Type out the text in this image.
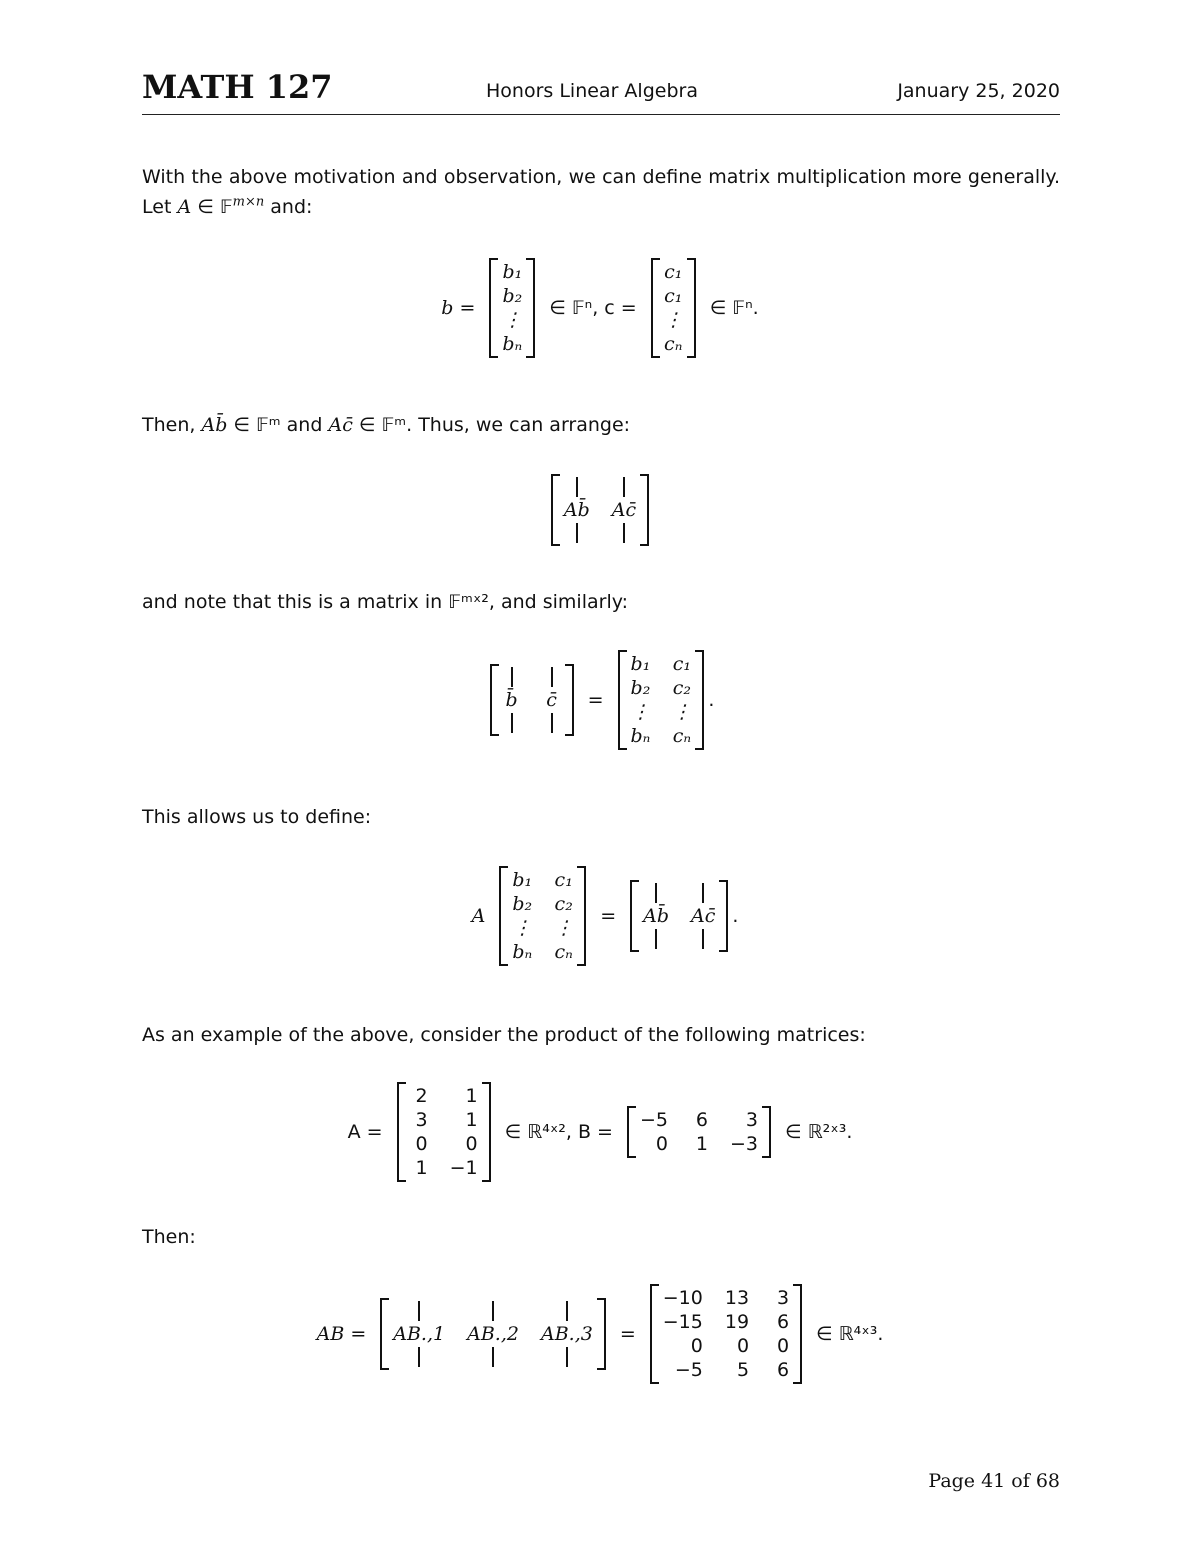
MATH 127	Honors Linear Algebra	January 25, 2020
With the above motivation and observation, we can define matrix multiplication more generally. Let A ∈ 𝔽$^{m\times n}$ and:
b =
b₁
b₂
⋮
bₙ
∈ 𝔽ⁿ, c =
c₁
c₁
⋮
cₙ
∈ 𝔽ⁿ.
Then, Ab̄ ∈ 𝔽ᵐ and Ac̄ ∈ 𝔽ᵐ. Thus, we can arrange:
Ab̄ Ac̄
and note that this is a matrix in 𝔽ᵐˣ², and similarly:
b̄ c̄ =
b₁ c₁
b₂ c₂
⋮ ⋮
bₙ cₙ
.
This allows us to define:
A
b₁ c₁
b₂ c₂
⋮ ⋮
bₙ cₙ
= Ab̄ Ac̄ .
As an example of the above, consider the product of the following matrices:
A =
2	1
3	1
0	0
1 −1
∈ ℝ⁴ˣ², B =
−5	6	3
0	1 −3
∈ ℝ²ˣ³.
Then:
AB = AB.,1 AB.,2 AB.,3 =
−10 13	3
−15 19	6
0	0	0
−5	5	6
∈ ℝ⁴ˣ³.
Page 41 of 68
